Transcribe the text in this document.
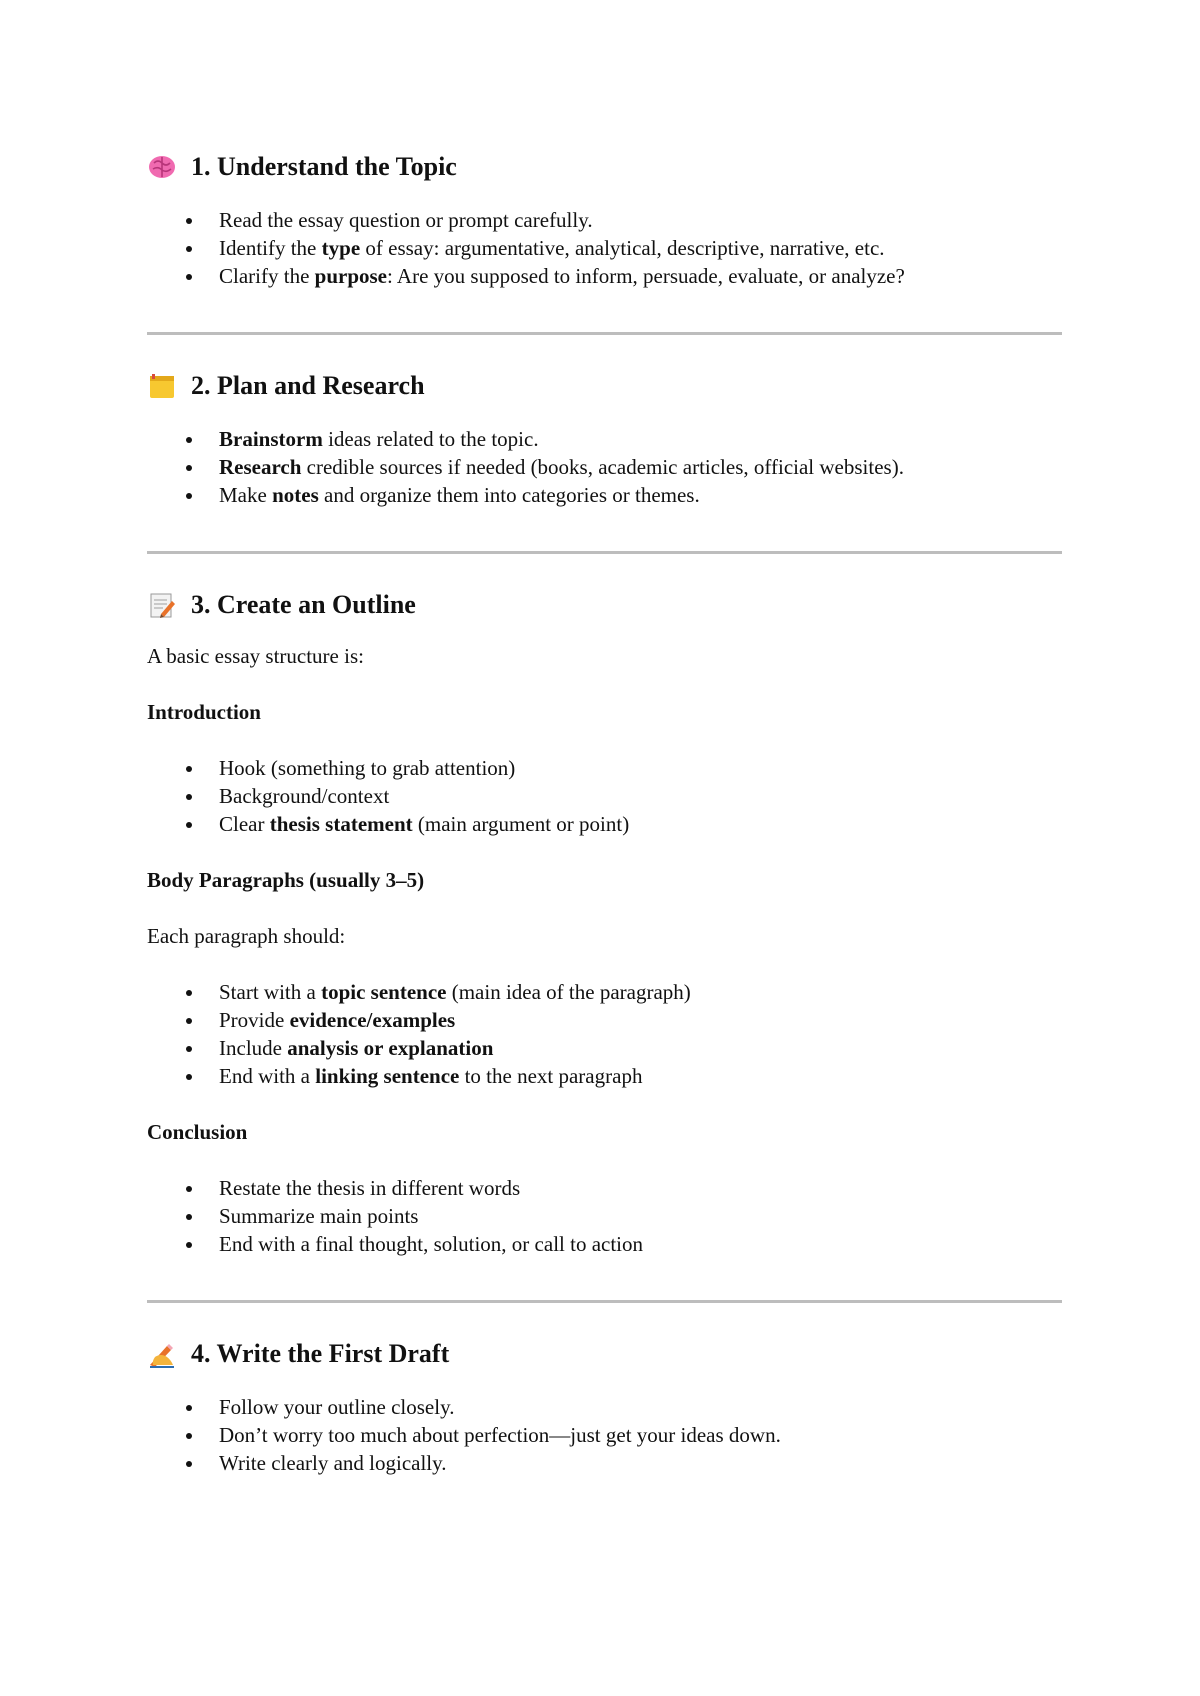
1. Understand the Topic
Read the essay question or prompt carefully.
Identify the type of essay: argumentative, analytical, descriptive, narrative, etc.
Clarify the purpose: Are you supposed to inform, persuade, evaluate, or analyze?
2. Plan and Research
Brainstorm ideas related to the topic.
Research credible sources if needed (books, academic articles, official websites).
Make notes and organize them into categories or themes.
3. Create an Outline

A basic essay structure is:

Introduction

Hook (something to grab attention)
Background/context
Clear thesis statement (main argument or point)

Body Paragraphs (usually 3–5)

Each paragraph should:

Start with a topic sentence (main idea of the paragraph)
Provide evidence/examples
Include analysis or explanation
End with a linking sentence to the next paragraph

Conclusion

Restate the thesis in different words
Summarize main points
End with a final thought, solution, or call to action
4. Write the First Draft
Follow your outline closely.
Don’t worry too much about perfection—just get your ideas down.
Write clearly and logically.
